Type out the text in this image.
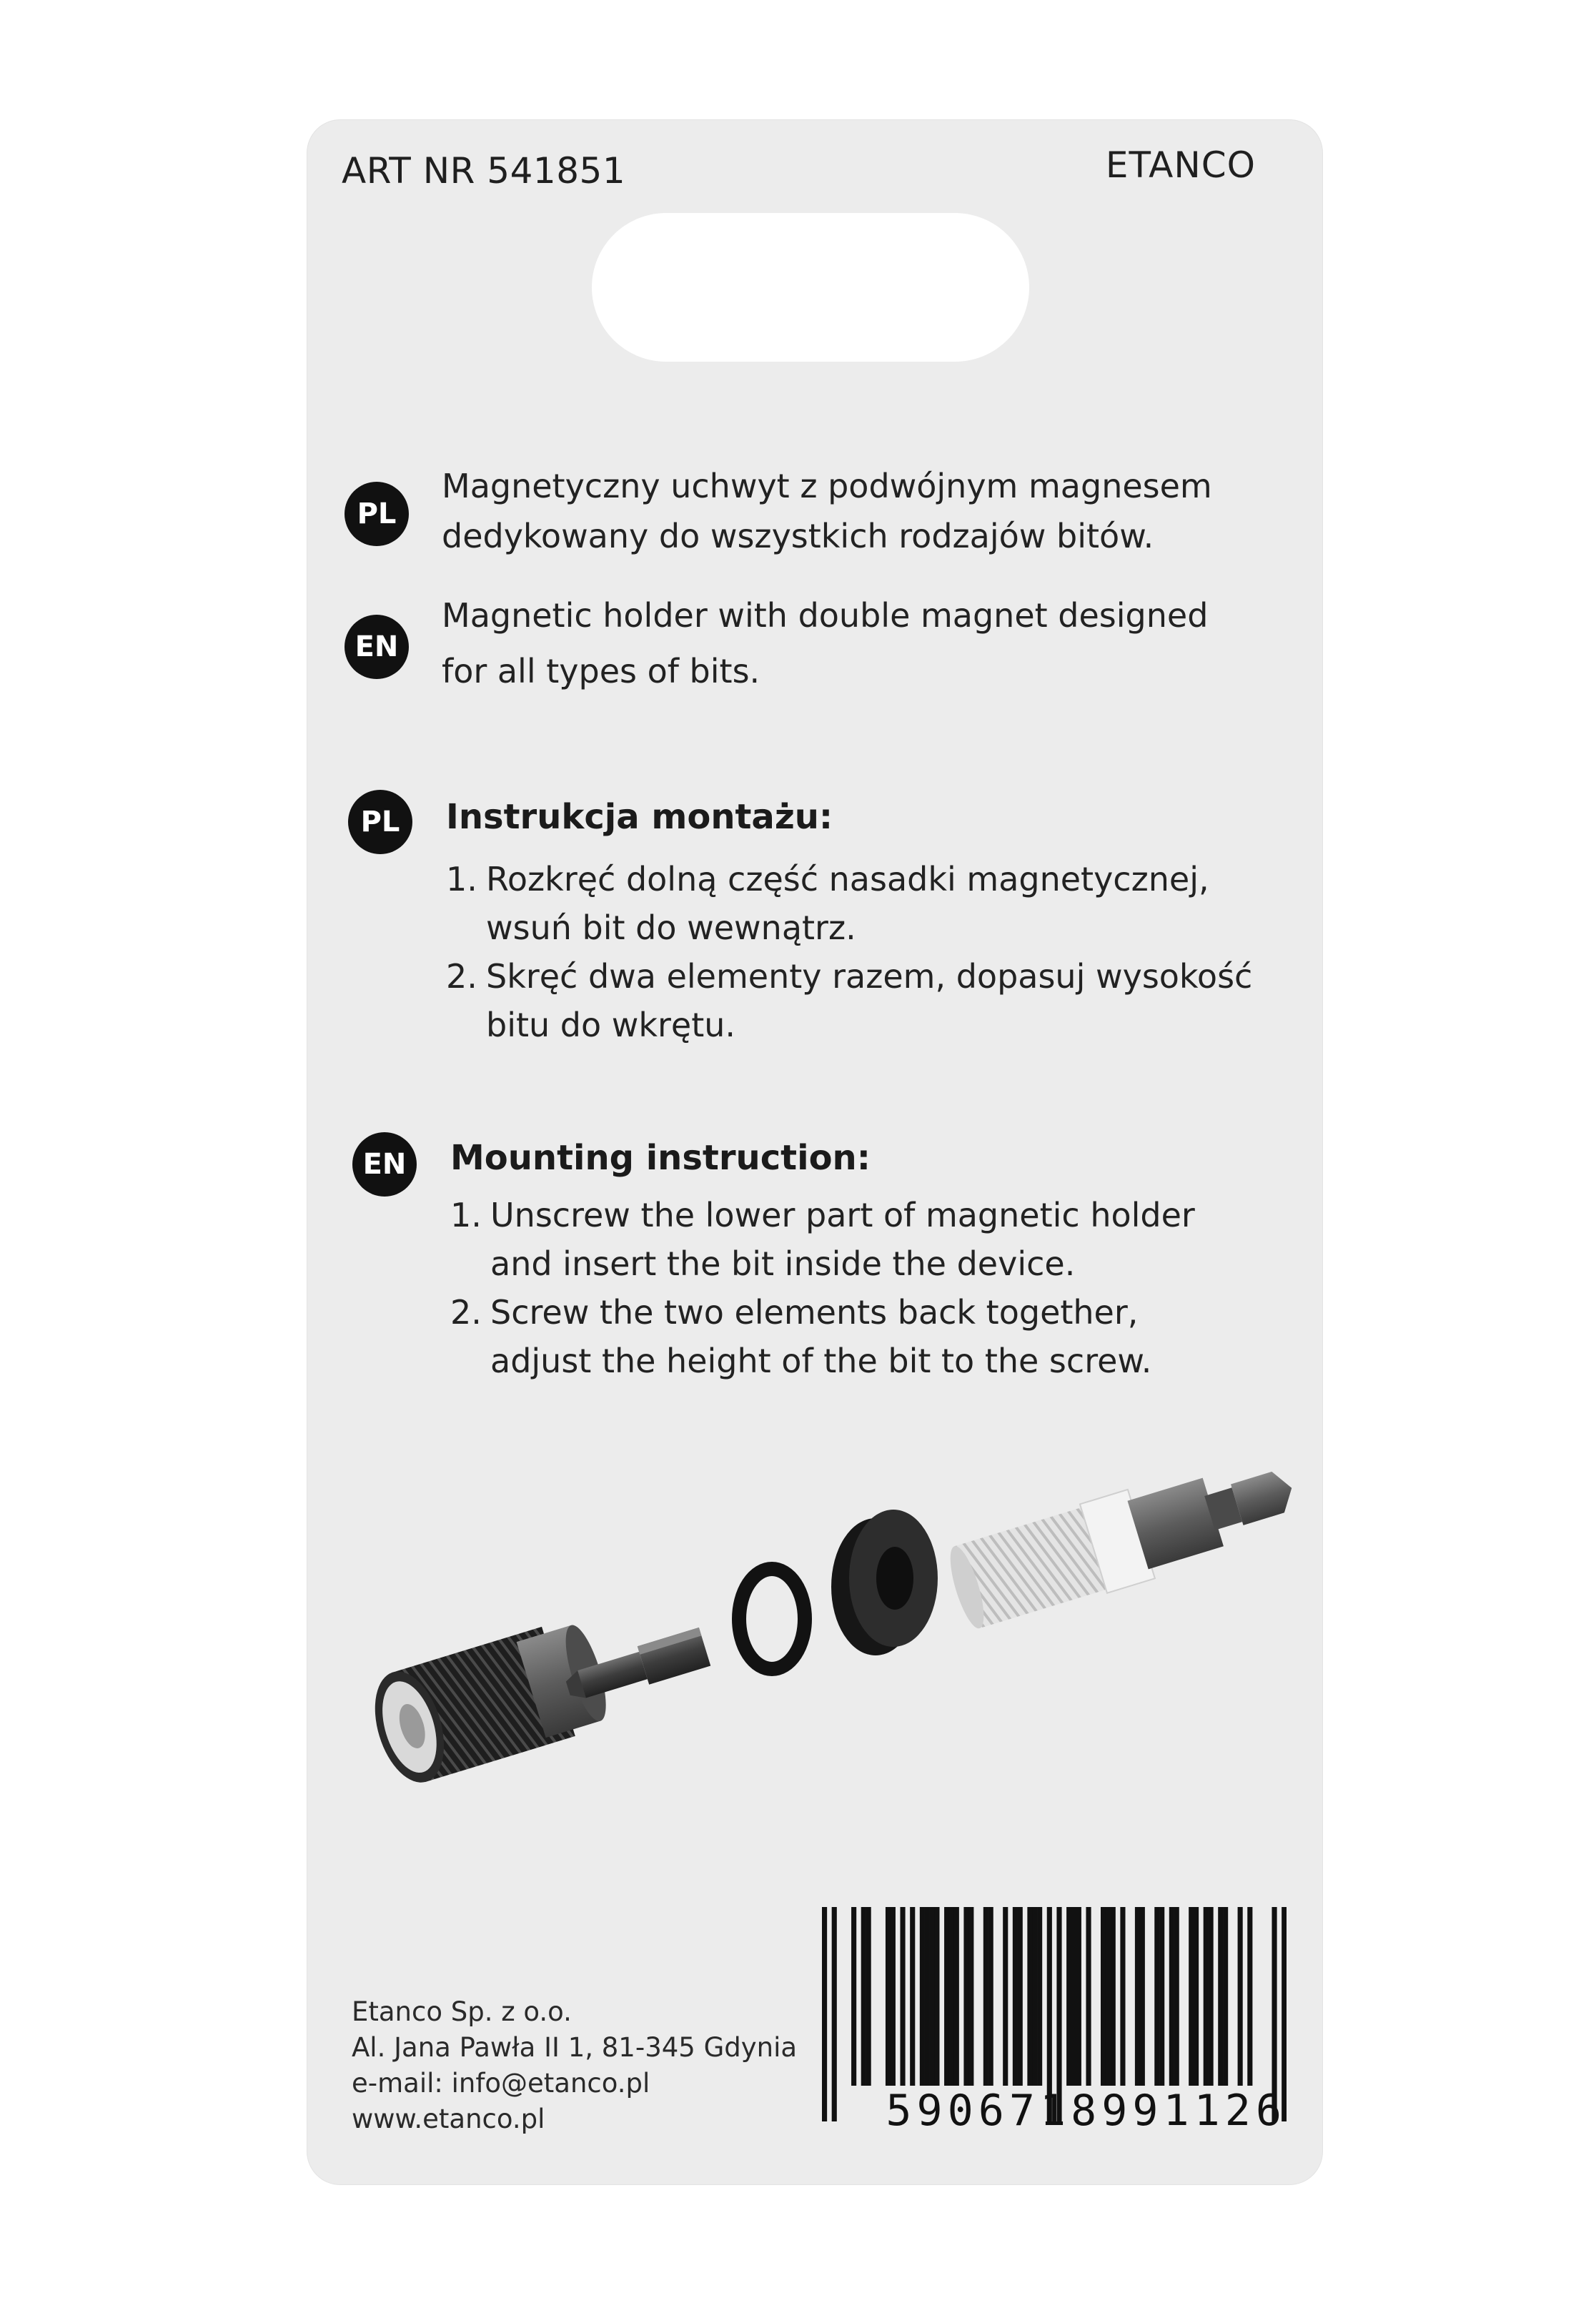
ART NR 541851	ETANCO
PL
Magnetyczny uchwyt z podwójnym magnesem
dedykowany do wszystkich rodzajów bitów.
EN
Magnetic holder with double magnet designed
for all types of bits.
PL	Instrukcja montażu:
1. Rozkręć dolną część nasadki magnetycznej,
wsuń bit do wewnątrz.
2. Skręć dwa elementy razem, dopasuj wysokość
bitu do wkrętu.
EN	Mounting instruction:
1. Unscrew the lower part of magnetic holder
and insert the bit inside the device.
2. Screw the two elements back together,
adjust the height of the bit to the screw.
Etanco Sp. z o.o.
Al. Jana Pawła II 1, 81-345 Gdynia
e-mail: info@etanco.pl
www.etanco.pl	5906718991126
